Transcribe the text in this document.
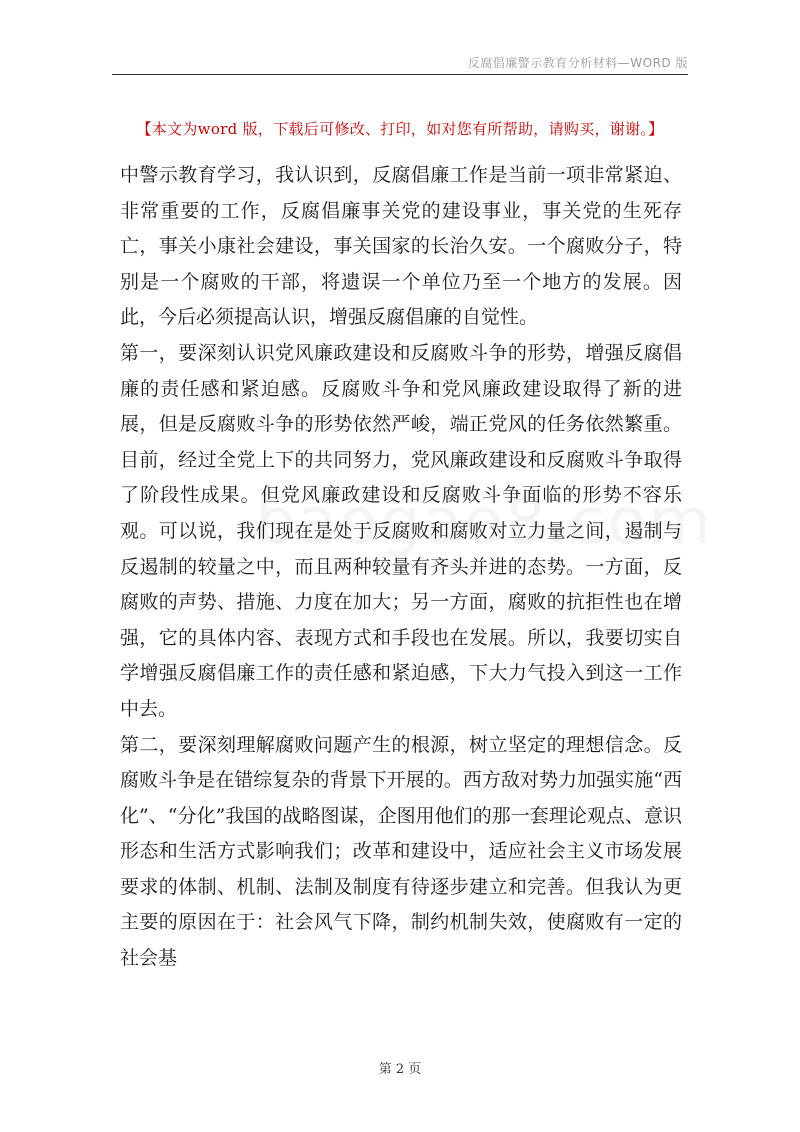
反腐倡廉警示教育分析材料—WORD 版
【本文为word 版，下载后可修改、打印，如对您有所帮助，请购买，谢谢。】

中警示教育学习，我认识到，反腐倡廉工作是当前一项非常紧迫、非常重要的工作，反腐倡廉事关党的建设事业，事关党的生死存亡，事关小康社会建设，事关国家的长治久安。一个腐败分子，特别是一个腐败的干部，将遗误一个单位乃至一个地方的发展。因此，今后必须提高认识，增强反腐倡廉的自觉性。

第一，要深刻认识党风廉政建设和反腐败斗争的形势，增强反腐倡廉的责任感和紧迫感。反腐败斗争和党风廉政建设取得了新的进展，但是反腐败斗争的形势依然严峻，端正党风的任务依然繁重。目前，经过全党上下的共同努力，党风廉政建设和反腐败斗争取得了阶段性成果。但党风廉政建设和反腐败斗争面临的形势不容乐观。可以说，我们现在是处于反腐败和腐败对立力量之间，遏制与反遏制的较量之中，而且两种较量有齐头并进的态势。一方面，反腐败的声势、措施、力度在加大；另一方面，腐败的抗拒性也在增强，它的具体内容、表现方式和手段也在发展。所以，我要切实自学增强反腐倡廉工作的责任感和紧迫感，下大力气投入到这一工作中去。

第二，要深刻理解腐败问题产生的根源，树立坚定的理想信念。反腐败斗争是在错综复杂的背景下开展的。西方敌对势力加强实施“西化”、“分化”我国的战略图谋，企图用他们的那一套理论观点、意识形态和生活方式影响我们；改革和建设中，适应社会主义市场发展要求的体制、机制、法制及制度有待逐步建立和完善。但我认为更主要的原因在于：社会风气下降，制约机制失效，使腐败有一定的社会基

第 2 页
